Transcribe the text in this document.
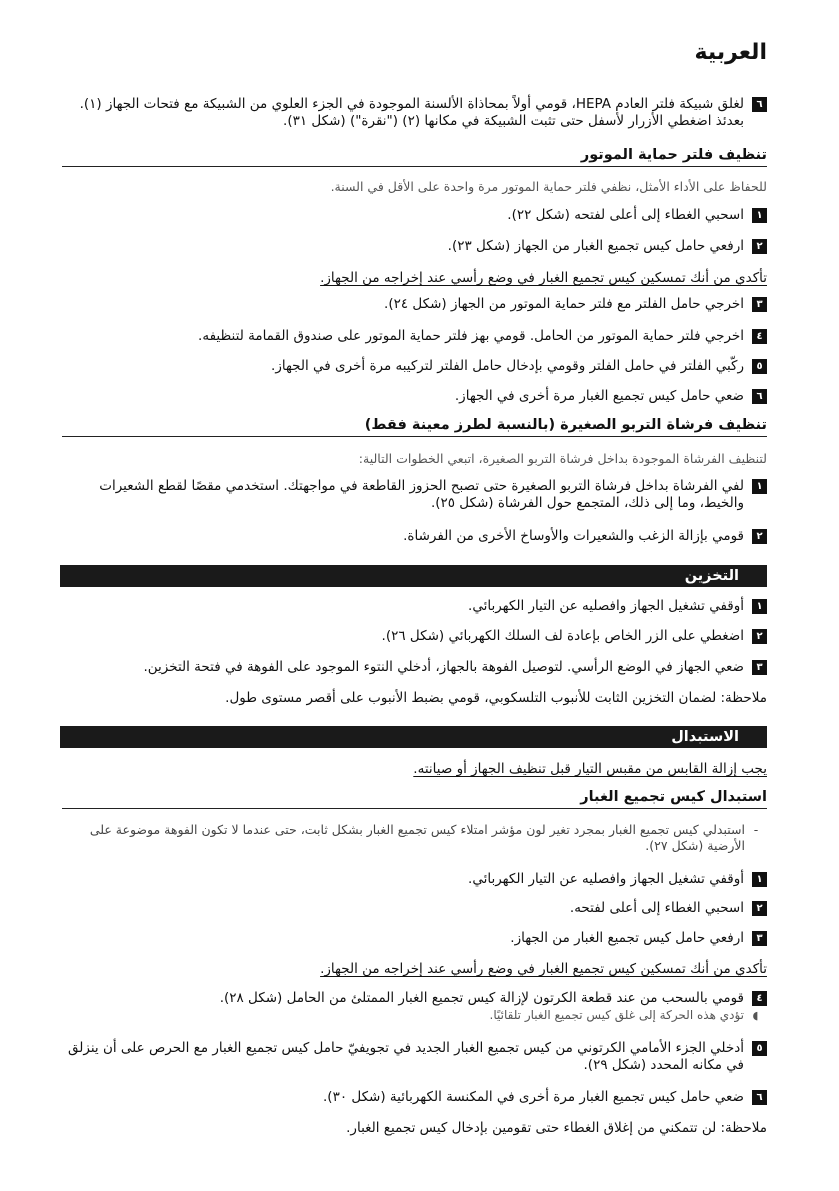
العربية
٦
لغلق شبيكة فلتر العادم HEPA، قومي أولاً بمحاذاة الألسنة الموجودة في الجزء العلوي من الشبيكة مع فتحات الجهاز (١). بعدئذ اضغطي الأزرار لأسفل حتى تثبت الشبيكة في مكانها (٢) ("نقرة") (شكل ٣١).
تنظيف فلتر حماية الموتور
للحفاظ على الأداء الأمثل، نظفي فلتر حماية الموتور مرة واحدة على الأقل في السنة.
١
اسحبي الغطاء إلى أعلى لفتحه (شكل ٢٢).
٢
ارفعي حامل كيس تجميع الغبار من الجهاز (شكل ٢٣).
تأكدي من أنك تمسكين كيس تجميع الغبار في وضع رأسي عند إخراجه من الجهاز.
٣
اخرجي حامل الفلتر مع فلتر حماية الموتور من الجهاز (شكل ٢٤).
٤
اخرجي فلتر حماية الموتور من الحامل. قومي بهز فلتر حماية الموتور على صندوق القمامة لتنظيفه.
٥
ركّبي الفلتر في حامل الفلتر وقومي بإدخال حامل الفلتر لتركيبه مرة أخرى في الجهاز.
٦
ضعي حامل كيس تجميع الغبار مرة أخرى في الجهاز.
تنظيف فرشاة التربو الصغيرة (بالنسبة لطرز معينة فقط)
لتنظيف الفرشاة الموجودة بداخل فرشاة التربو الصغيرة، اتبعي الخطوات التالية:
١
لفي الفرشاة بداخل فرشاة التربو الصغيرة حتى تصبح الحزوز القاطعة في مواجهتك. استخدمي مقصًا لقطع الشعيرات والخيط، وما إلى ذلك، المتجمع حول الفرشاة (شكل ٢٥).
٢
قومي بإزالة الزغب والشعيرات والأوساخ الأخرى من الفرشاة.
التخزين
١
أوقفي تشغيل الجهاز وافصليه عن التيار الكهربائي.
٢
اضغطي على الزر الخاص بإعادة لف السلك الكهربائي (شكل ٢٦).
٣
ضعي الجهاز في الوضع الرأسي. لتوصيل الفوهة بالجهاز، أدخلي النتوء الموجود على الفوهة في فتحة التخزين.
ملاحظة: لضمان التخزين الثابت للأنبوب التلسكوبي، قومي بضبط الأنبوب على أقصر مستوى طول.
الاستبدال
يجب إزالة القابس من مقبس التيار قبل تنظيف الجهاز أو صيانته.
استبدال كيس تجميع الغبار
-
استبدلي كيس تجميع الغبار بمجرد تغير لون مؤشر امتلاء كيس تجميع الغبار بشكل ثابت، حتى عندما لا تكون الفوهة موضوعة على الأرضية (شكل ٢٧).
١
أوقفي تشغيل الجهاز وافصليه عن التيار الكهربائي.
٢
اسحبي الغطاء إلى أعلى لفتحه.
٣
ارفعي حامل كيس تجميع الغبار من الجهاز.
تأكدي من أنك تمسكين كيس تجميع الغبار في وضع رأسي عند إخراجه من الجهاز.
٤
قومي بالسحب من عند قطعة الكرتون لإزالة كيس تجميع الغبار الممتلئ من الحامل (شكل ٢٨).
◖
تؤدي هذه الحركة إلى غلق كيس تجميع الغبار تلقائيًا.
٥
أدخلي الجزء الأمامي الكرتوني من كيس تجميع الغبار الجديد في تجويفيّ حامل كيس تجميع الغبار مع الحرص على أن ينزلق في مكانه المحدد (شكل ٢٩).
٦
ضعي حامل كيس تجميع الغبار مرة أخرى في المكنسة الكهربائية (شكل ٣٠).
ملاحظة: لن تتمكني من إغلاق الغطاء حتى تقومين بإدخال كيس تجميع الغبار.
